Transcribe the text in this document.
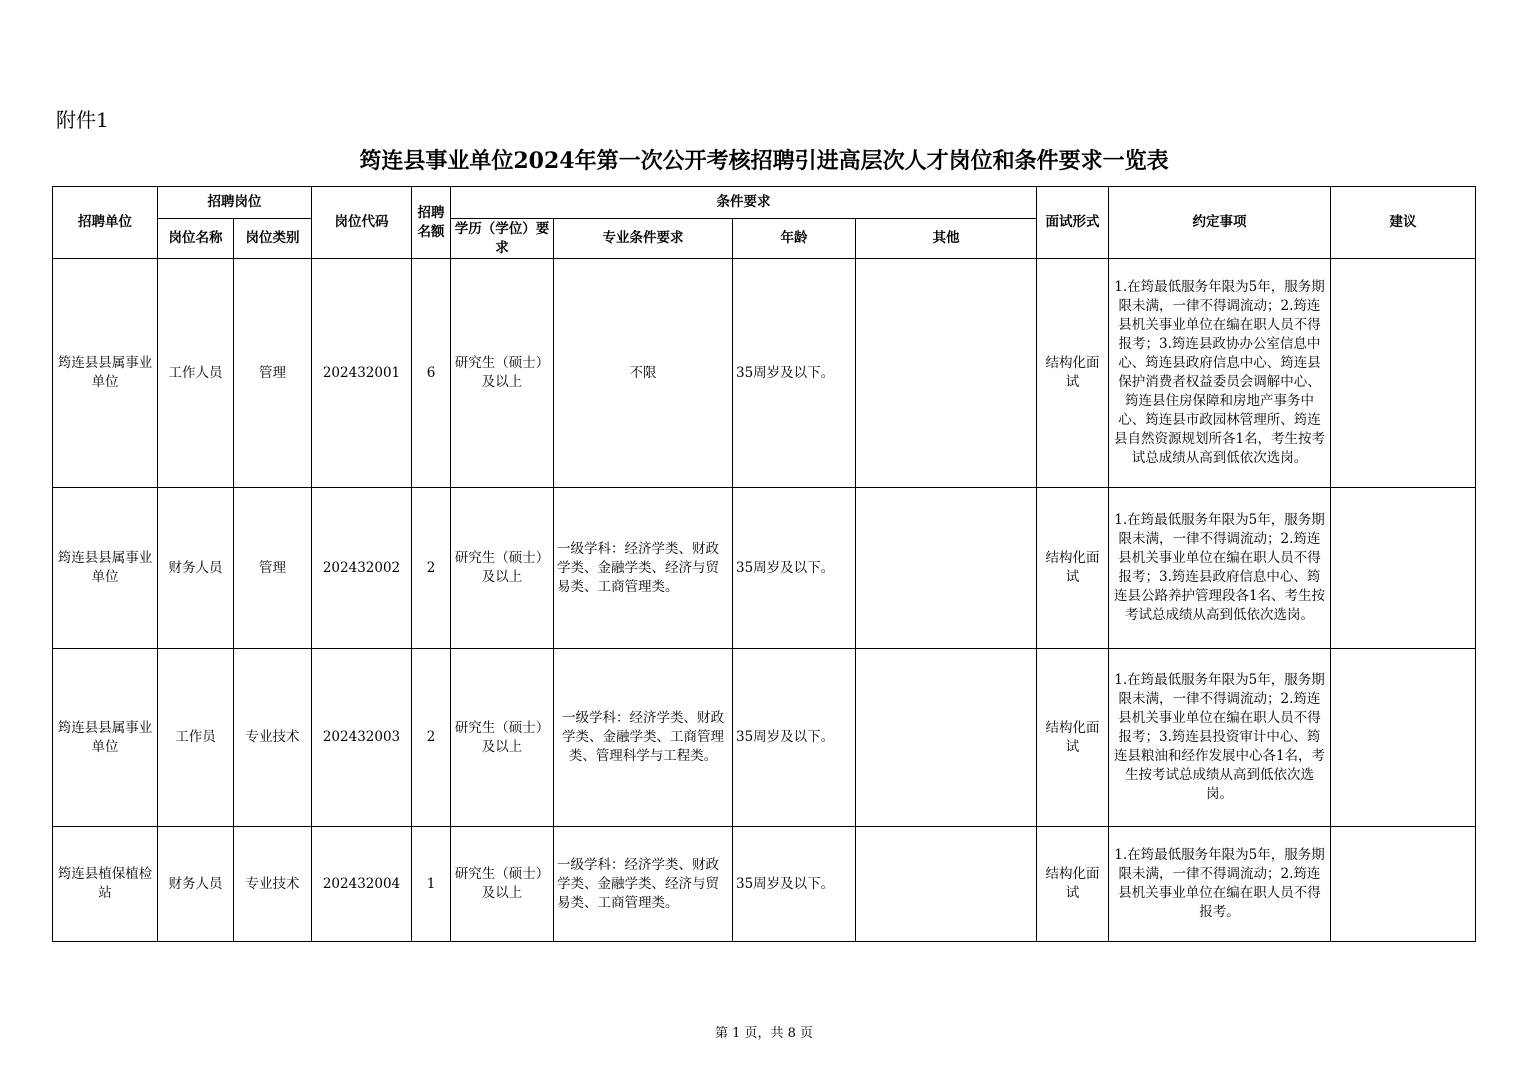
附件1
筠连县事业单位2024年第一次公开考核招聘引进高层次人才岗位和条件要求一览表
招聘单位	招聘岗位		岗位代码	招聘名额	条件要求				面试形式	约定事项	建议
	岗位名称	岗位类别			学历（学位）要求	专业条件要求	年龄	其他			
筠连县县属事业单位	工作人员	管理	202432001	6	研究生（硕士）及以上	不限	35周岁及以下。		结构化面试	1.在筠最低服务年限为5年，服务期限未满，一律不得调流动；2.筠连县机关事业单位在编在职人员不得报考；3.筠连县政协办公室信息中心、筠连县政府信息中心、筠连县保护消费者权益委员会调解中心、筠连县住房保障和房地产事务中心、筠连县市政园林管理所、筠连县自然资源规划所各1名，考生按考试总成绩从高到低依次选岗。	
筠连县县属事业单位	财务人员	管理	202432002	2	研究生（硕士）及以上	一级学科：经济学类、财政学类、金融学类、经济与贸易类、工商管理类。	35周岁及以下。		结构化面试	1.在筠最低服务年限为5年，服务期限未满，一律不得调流动；2.筠连县机关事业单位在编在职人员不得报考；3.筠连县政府信息中心、筠连县公路养护管理段各1名、考生按考试总成绩从高到低依次选岗。	
筠连县县属事业单位	工作员	专业技术	202432003	2	研究生（硕士）及以上	一级学科：经济学类、财政学类、金融学类、工商管理类、管理科学与工程类。	35周岁及以下。		结构化面试	1.在筠最低服务年限为5年，服务期限未满，一律不得调流动；2.筠连县机关事业单位在编在职人员不得报考；3.筠连县投资审计中心、筠连县粮油和经作发展中心各1名，考生按考试总成绩从高到低依次选岗。	
筠连县植保植检站	财务人员	专业技术	202432004	1	研究生（硕士）及以上	一级学科：经济学类、财政学类、金融学类、经济与贸易类、工商管理类。	35周岁及以下。		结构化面试	1.在筠最低服务年限为5年，服务期限未满，一律不得调流动；2.筠连县机关事业单位在编在职人员不得报考。	
第 1 页，共 8 页
